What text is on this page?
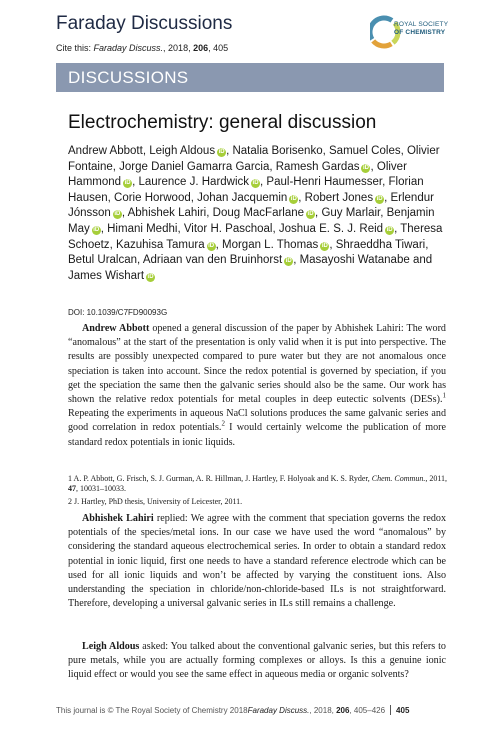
Faraday Discussions
Cite this: Faraday Discuss., 2018, 206, 405
ROYAL SOCIETY
OF CHEMISTRY
DISCUSSIONS
Electrochemistry: general discussion
Andrew Abbott, Leigh Aldous iD , Natalia Borisenko, Samuel Coles, Olivier Fontaine, Jorge Daniel Gamarra Garcia, Ramesh Gardas iD , Oliver Hammond iD , Laurence J. Hardwick iD , Paul-Henri Haumesser, Florian Hausen, Corie Horwood, Johan Jacquemin iD , Robert Jones iD , Erlendur Jónsson iD , Abhishek Lahiri, Doug MacFarlane iD , Guy Marlair, Benjamin May iD , Himani Medhi, Vitor H. Paschoal, Joshua E. S. J. Reid iD , Theresa Schoetz, Kazuhisa Tamura iD , Morgan L. Thomas iD , Shraeddha Tiwari, Betul Uralcan, Adriaan van den Bruinhorst iD , Masayoshi Watanabe and James Wishart iD
DOI: 10.1039/C7FD90093G
Andrew Abbott opened a general discussion of the paper by Abhishek Lahiri: The word “anomalous” at the start of the presentation is only valid when it is put into perspective. The results are possibly unexpected compared to pure water but they are not anomalous once speciation is taken into account. Since the redox potential is governed by speciation, if you get the speciation the same then the galvanic series should also be the same. Our work has shown the relative redox potentials for metal couples in deep eutectic solvents (DESs).$^1$ Repeating the experiments in aqueous NaCl solutions produces the same galvanic series and good correlation in redox potentials.$^2$ I would certainly welcome the publication of more standard redox potentials in ionic liquids.
1 A. P. Abbott, G. Frisch, S. J. Gurman, A. R. Hillman, J. Hartley, F. Holyoak and K. S. Ryder, Chem. Commun., 2011, 47, 10031–10033.
2 J. Hartley, PhD thesis, University of Leicester, 2011.
Abhishek Lahiri replied: We agree with the comment that speciation governs the redox potentials of the species/metal ions. In our case we have used the word “anomalous” by considering the standard aqueous electrochemical series. In order to obtain a standard redox potential in ionic liquid, first one needs to have a standard reference electrode which can be used for all ionic liquids and won’t be affected by varying the constituent ions. Also understanding the speciation in chloride/non-chloride-based ILs is not straightforward. Therefore, developing a universal galvanic series in ILs still remains a challenge.
Leigh Aldous asked: You talked about the conventional galvanic series, but this refers to pure metals, while you are actually forming complexes or alloys. Is this a genuine ionic liquid effect or would you see the same effect in aqueous media or organic solvents?
This journal is © The Royal Society of Chemistry 2018Faraday Discuss., 2018, 206, 405–426 405
